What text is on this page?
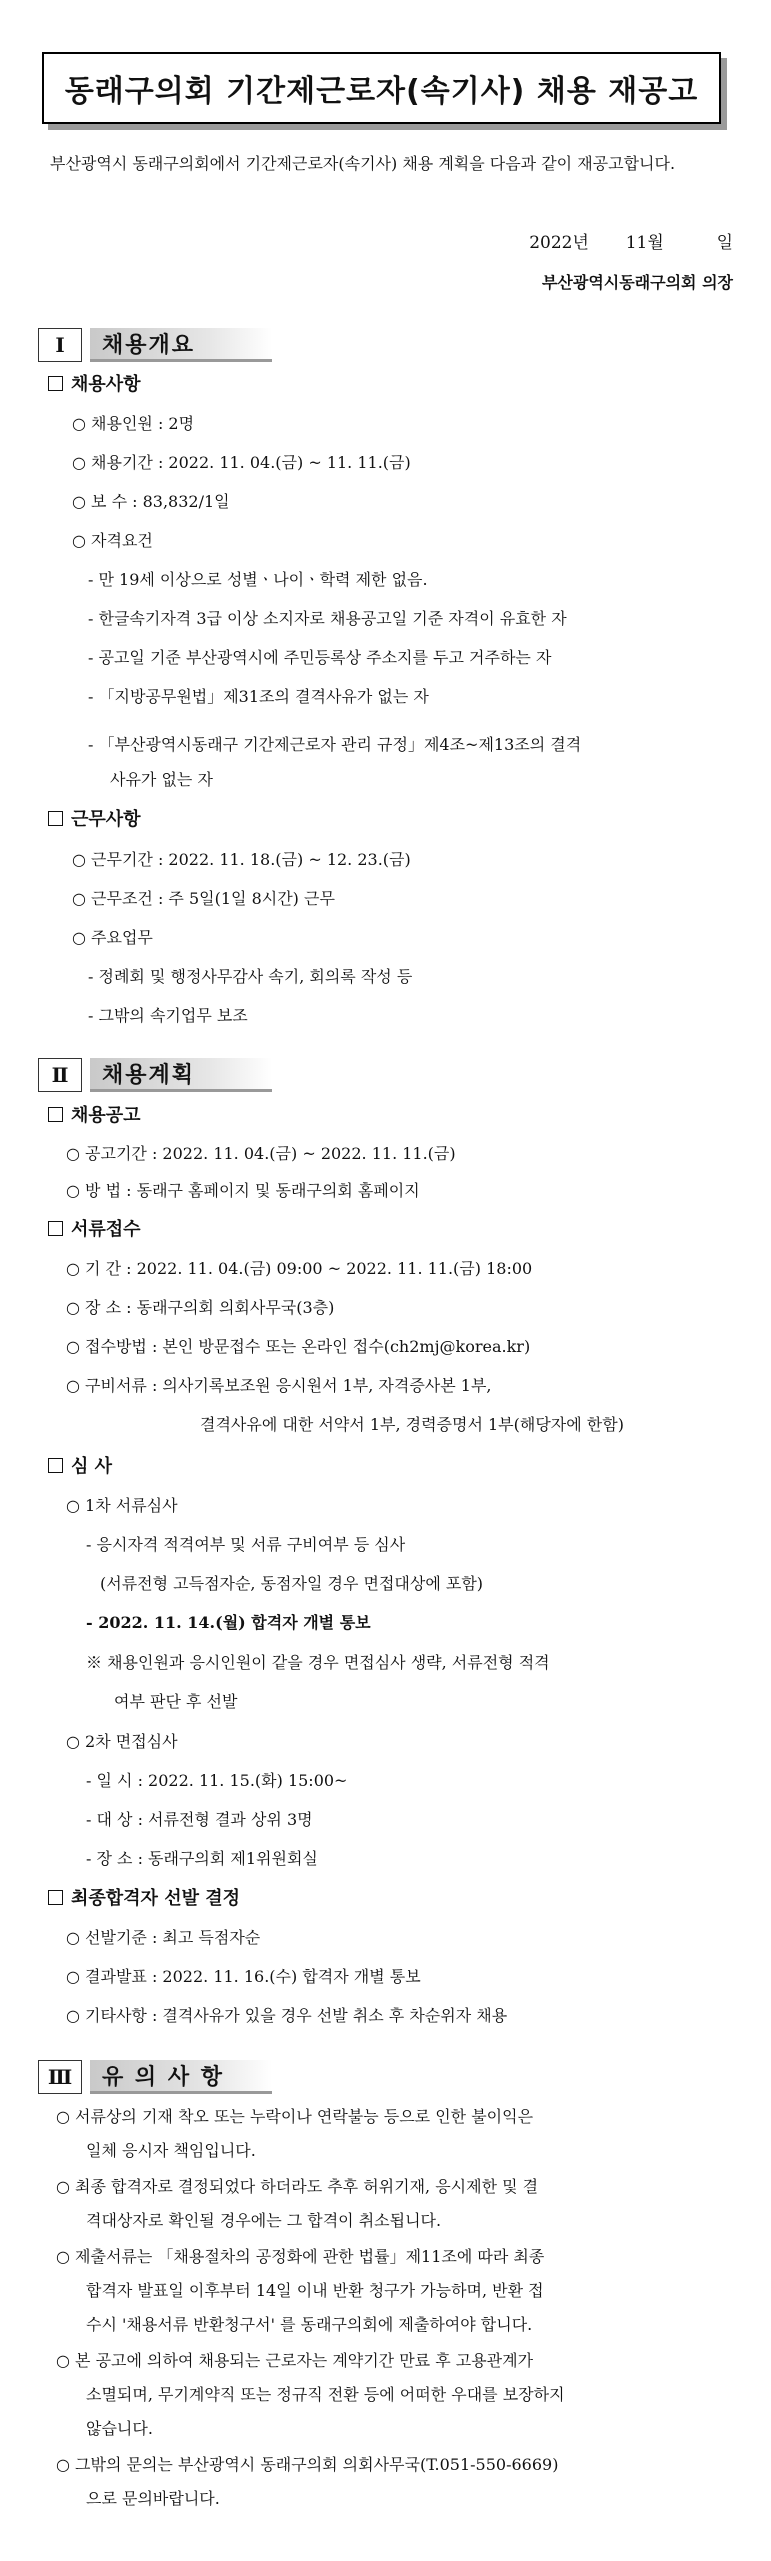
동래구의회 기간제근로자(속기사) 채용 재공고

부산광역시 동래구의회에서 기간제근로자(속기사) 채용 계획을 다음과 같이 재공고합니다.

2022년 11월	일
부산광역시동래구의회 의장
Ⅰ	채용개요
채용사항
○ 채용인원 : 2명
○ 채용기간 : 2022. 11. 04.(금) ~ 11. 11.(금)
○ 보 수 : 83,832/1일
○ 자격요건
- 만 19세 이상으로 성별ㆍ나이ㆍ학력 제한 없음.
- 한글속기자격 3급 이상 소지자로 채용공고일 기준 자격이 유효한 자
- 공고일 기준 부산광역시에 주민등록상 주소지를 두고 거주하는 자
- 「지방공무원법」제31조의 결격사유가 없는 자
- 「부산광역시동래구 기간제근로자 관리 규정」제4조~제13조의 결격
사유가 없는 자
근무사항
○ 근무기간 : 2022. 11. 18.(금) ~ 12. 23.(금)
○ 근무조건 : 주 5일(1일 8시간) 근무
○ 주요업무
- 정례회 및 행정사무감사 속기, 회의록 작성 등
- 그밖의 속기업무 보조
Ⅱ	채용계획
채용공고
○ 공고기간 : 2022. 11. 04.(금) ~ 2022. 11. 11.(금)
○ 방 법 : 동래구 홈페이지 및 동래구의회 홈페이지
서류접수
○ 기 간 : 2022. 11. 04.(금) 09:00 ~ 2022. 11. 11.(금) 18:00
○ 장 소 : 동래구의회 의회사무국(3층)
○ 접수방법 : 본인 방문접수 또는 온라인 접수(ch2mj@korea.kr)
○ 구비서류 : 의사기록보조원 응시원서 1부, 자격증사본 1부,
결격사유에 대한 서약서 1부, 경력증명서 1부(해당자에 한함)
심 사
○ 1차 서류심사
- 응시자격 적격여부 및 서류 구비여부 등 심사
(서류전형 고득점자순, 동점자일 경우 면접대상에 포함)
- 2022. 11. 14.(월) 합격자 개별 통보
※ 채용인원과 응시인원이 같을 경우 면접심사 생략, 서류전형 적격
여부 판단 후 선발
○ 2차 면접심사
- 일 시 : 2022. 11. 15.(화) 15:00~
- 대 상 : 서류전형 결과 상위 3명
- 장 소 : 동래구의회 제1위원회실
최종합격자 선발 결정
○ 선발기준 : 최고 득점자순
○ 결과발표 : 2022. 11. 16.(수) 합격자 개별 통보
○ 기타사항 : 결격사유가 있을 경우 선발 취소 후 차순위자 채용
Ⅲ	유 의 사 항
○ 서류상의 기재 착오 또는 누락이나 연락불능 등으로 인한 불이익은
일체 응시자 책임입니다.
○ 최종 합격자로 결정되었다 하더라도 추후 허위기재, 응시제한 및 결
격대상자로 확인될 경우에는 그 합격이 취소됩니다.
○ 제출서류는 「채용절차의 공정화에 관한 법률」제11조에 따라 최종
합격자 발표일 이후부터 14일 이내 반환 청구가 가능하며, 반환 접
수시 '채용서류 반환청구서' 를 동래구의회에 제출하여야 합니다.
○ 본 공고에 의하여 채용되는 근로자는 계약기간 만료 후 고용관계가
소멸되며, 무기계약직 또는 정규직 전환 등에 어떠한 우대를 보장하지
않습니다.
○ 그밖의 문의는 부산광역시 동래구의회 의회사무국(T.051-550-6669)
으로 문의바랍니다.
